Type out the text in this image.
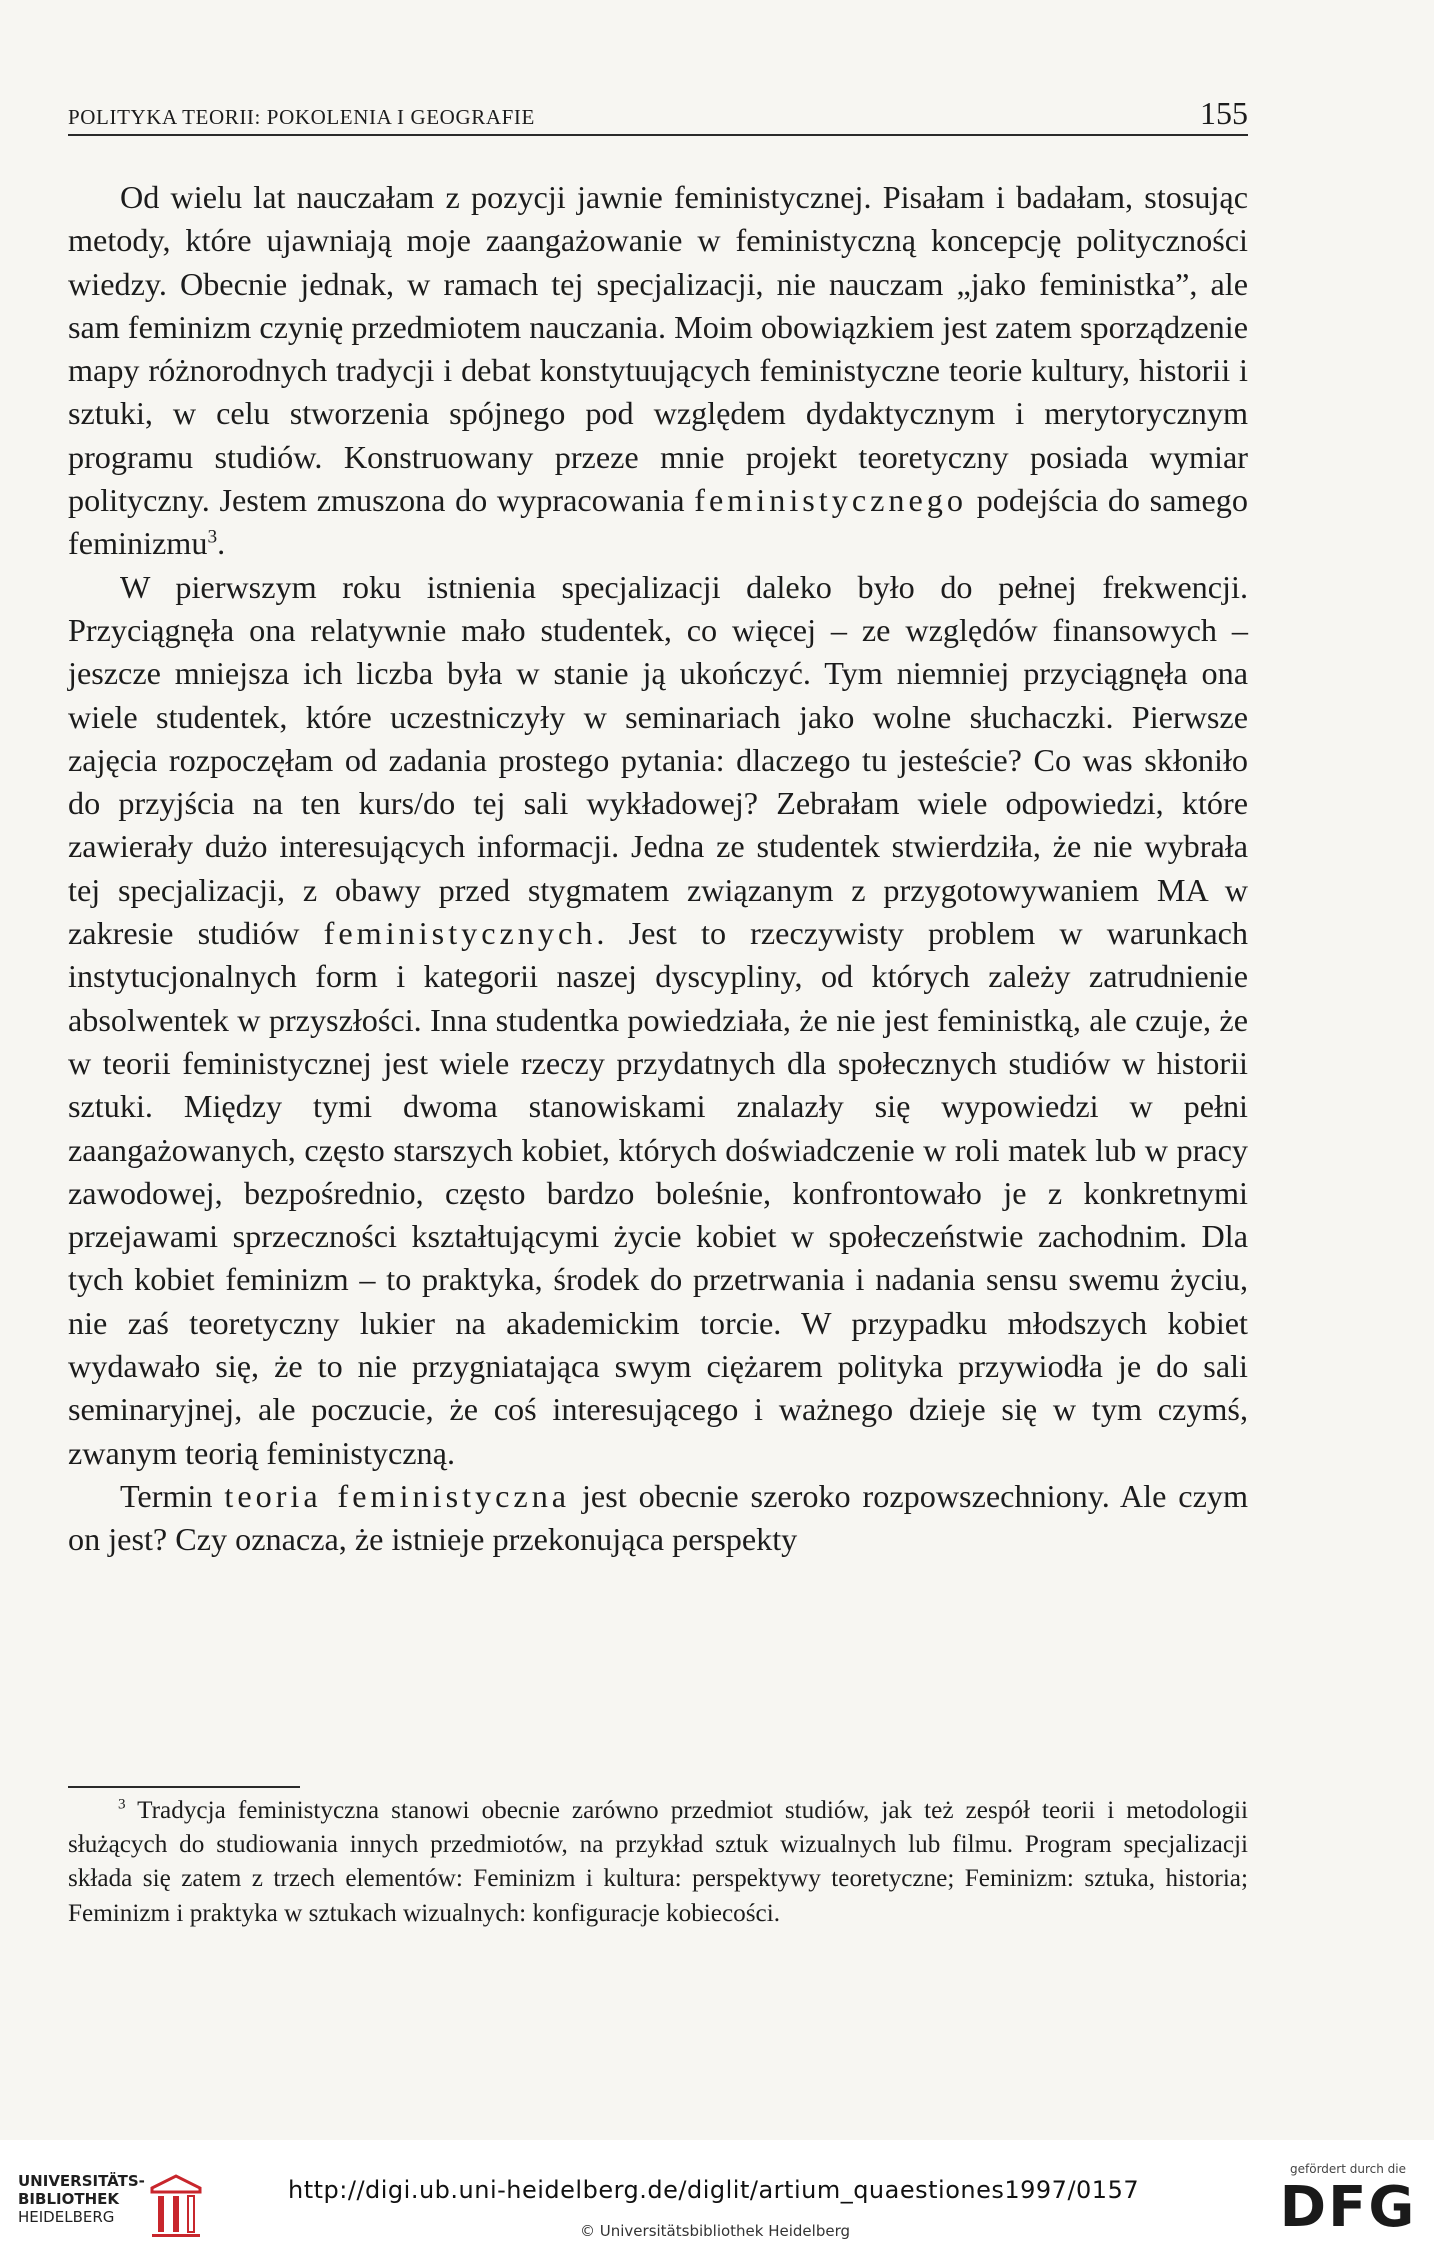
POLITYKA TEORII: POKOLENIA I GEOGRAFIE	155

Od wielu lat nauczałam z pozycji jawnie feministycznej. Pisałam i badałam, stosując metody, które ujawniają moje zaangażowanie w feministyczną koncepcję polityczności wiedzy. Obecnie jednak, w ramach tej specjalizacji, nie nauczam „jako feministka”, ale sam feminizm czynię przedmiotem nauczania. Moim obowiązkiem jest zatem sporządzenie mapy różnorodnych tradycji i debat konstytuujących feministyczne teorie kultury, historii i sztuki, w celu stworzenia spójnego pod względem dydaktycznym i merytorycznym programu studiów. Konstruowany przeze mnie projekt teoretyczny posiada wymiar polityczny. Jestem zmuszona do wypracowania feministycznego podejścia do samego feminizmu$^3$.

W pierwszym roku istnienia specjalizacji daleko było do pełnej frekwencji. Przyciągnęła ona relatywnie mało studentek, co więcej – ze względów finansowych – jeszcze mniejsza ich liczba była w stanie ją ukończyć. Tym niemniej przyciągnęła ona wiele studentek, które uczestniczyły w seminariach jako wolne słuchaczki. Pierwsze zajęcia rozpoczęłam od zadania prostego pytania: dlaczego tu jesteście? Co was skłoniło do przyjścia na ten kurs/do tej sali wykładowej? Zebrałam wiele odpowiedzi, które zawierały dużo interesujących informacji. Jedna ze studentek stwierdziła, że nie wybrała tej specjalizacji, z obawy przed stygmatem związanym z przygotowywaniem MA w zakresie studiów feministycznych. Jest to rzeczywisty problem w warunkach instytucjonalnych form i kategorii naszej dyscypliny, od których zależy zatrudnienie absolwentek w przyszłości. Inna studentka powiedziała, że nie jest feministką, ale czuje, że w teorii feministycznej jest wiele rzeczy przydatnych dla społecznych studiów w historii sztuki. Między tymi dwoma stanowiskami znalazły się wypowiedzi w pełni zaangażowanych, często starszych kobiet, których doświadczenie w roli matek lub w pracy zawodowej, bezpośrednio, często bardzo boleśnie, konfrontowało je z konkretnymi przejawami sprzeczności kształtującymi życie kobiet w społeczeństwie zachodnim. Dla tych kobiet feminizm – to praktyka, środek do przetrwania i nadania sensu swemu życiu, nie zaś teoretyczny lukier na akademickim torcie. W przypadku młodszych kobiet wydawało się, że to nie przygniatająca swym ciężarem polityka przywiodła je do sali seminaryjnej, ale poczucie, że coś interesującego i ważnego dzieje się w tym czymś, zwanym teorią feministyczną.

Termin teoria feministyczna jest obecnie szeroko rozpowszechniony. Ale czym on jest? Czy oznacza, że istnieje przekonująca perspekty

$^3$ Tradycja feministyczna stanowi obecnie zarówno przedmiot studiów, jak też zespół teorii i metodologii służących do studiowania innych przedmiotów, na przykład sztuk wizualnych lub filmu. Program specjalizacji składa się zatem z trzech elementów: Feminizm i kultura: perspektywy teoretyczne; Feminizm: sztuka, historia; Feminizm i praktyka w sztukach wizualnych: konfiguracje kobiecości.

UNIVERSITÄTS-
BIBLIOTHEK
HEIDELBERG
http://digi.ub.uni-heidelberg.de/diglit/artium_quaestiones1997/0157
© Universitätsbibliothek Heidelberg
gefördert durch die
DFG
